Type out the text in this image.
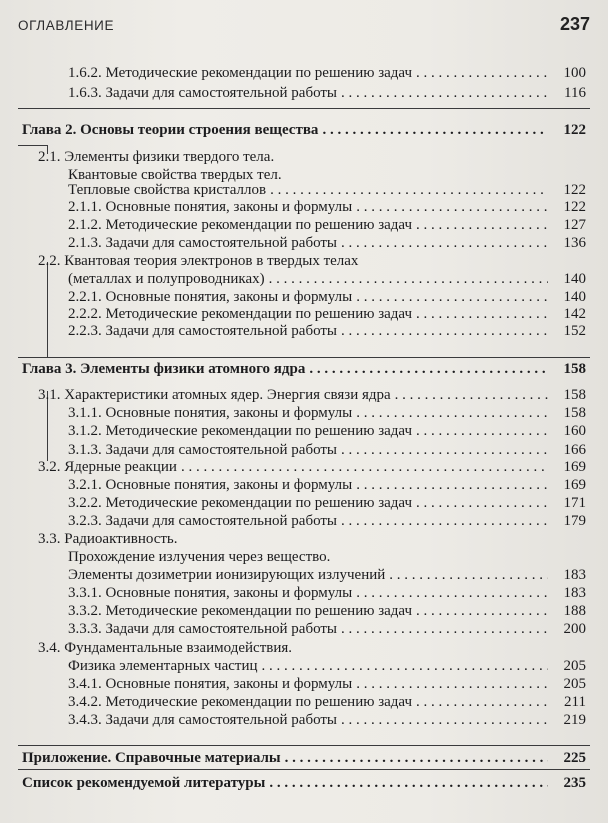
ОГЛАВЛЕНИЕ	237
1.6.2. Методические рекомендации по решению задач . . .	100
1.6.3. Задачи для самостоятельной работы . . .	116
Глава 2. Основы теории строения вещества . . .	122
2.1. Элементы физики твердого тела.
Квантовые свойства твердых тел.
Тепловые свойства кристаллов . . .	122
2.1.1. Основные понятия, законы и формулы . . .	122
2.1.2. Методические рекомендации по решению задач . . .	127
2.1.3. Задачи для самостоятельной работы . . .	136
2.2. Квантовая теория электронов в твердых телах
(металлах и полупроводниках) . . .	140
2.2.1. Основные понятия, законы и формулы . . .	140
2.2.2. Методические рекомендации по решению задач . . .	142
2.2.3. Задачи для самостоятельной работы . . .	152
Глава 3. Элементы физики атомного ядра . . .	158
3.1. Характеристики атомных ядер. Энергия связи ядра . . .	158
3.1.1. Основные понятия, законы и формулы . . .	158
3.1.2. Методические рекомендации по решению задач . . .	160
3.1.3. Задачи для самостоятельной работы . . .	166
3.2. Ядерные реакции . . .	169
3.2.1. Основные понятия, законы и формулы . . .	169
3.2.2. Методические рекомендации по решению задач . . .	171
3.2.3. Задачи для самостоятельной работы . . .	179
3.3. Радиоактивность.
Прохождение излучения через вещество.
Элементы дозиметрии ионизирующих излучений . . .	183
3.3.1. Основные понятия, законы и формулы . . .	183
3.3.2. Методические рекомендации по решению задач . . .	188
3.3.3. Задачи для самостоятельной работы . . .	200
3.4. Фундаментальные взаимодействия.
Физика элементарных частиц . . .	205
3.4.1. Основные понятия, законы и формулы . . .	205
3.4.2. Методические рекомендации по решению задач . . .	211
3.4.3. Задачи для самостоятельной работы . . .	219
Приложение. Справочные материалы . . .	225
Список рекомендуемой литературы . . .	235
